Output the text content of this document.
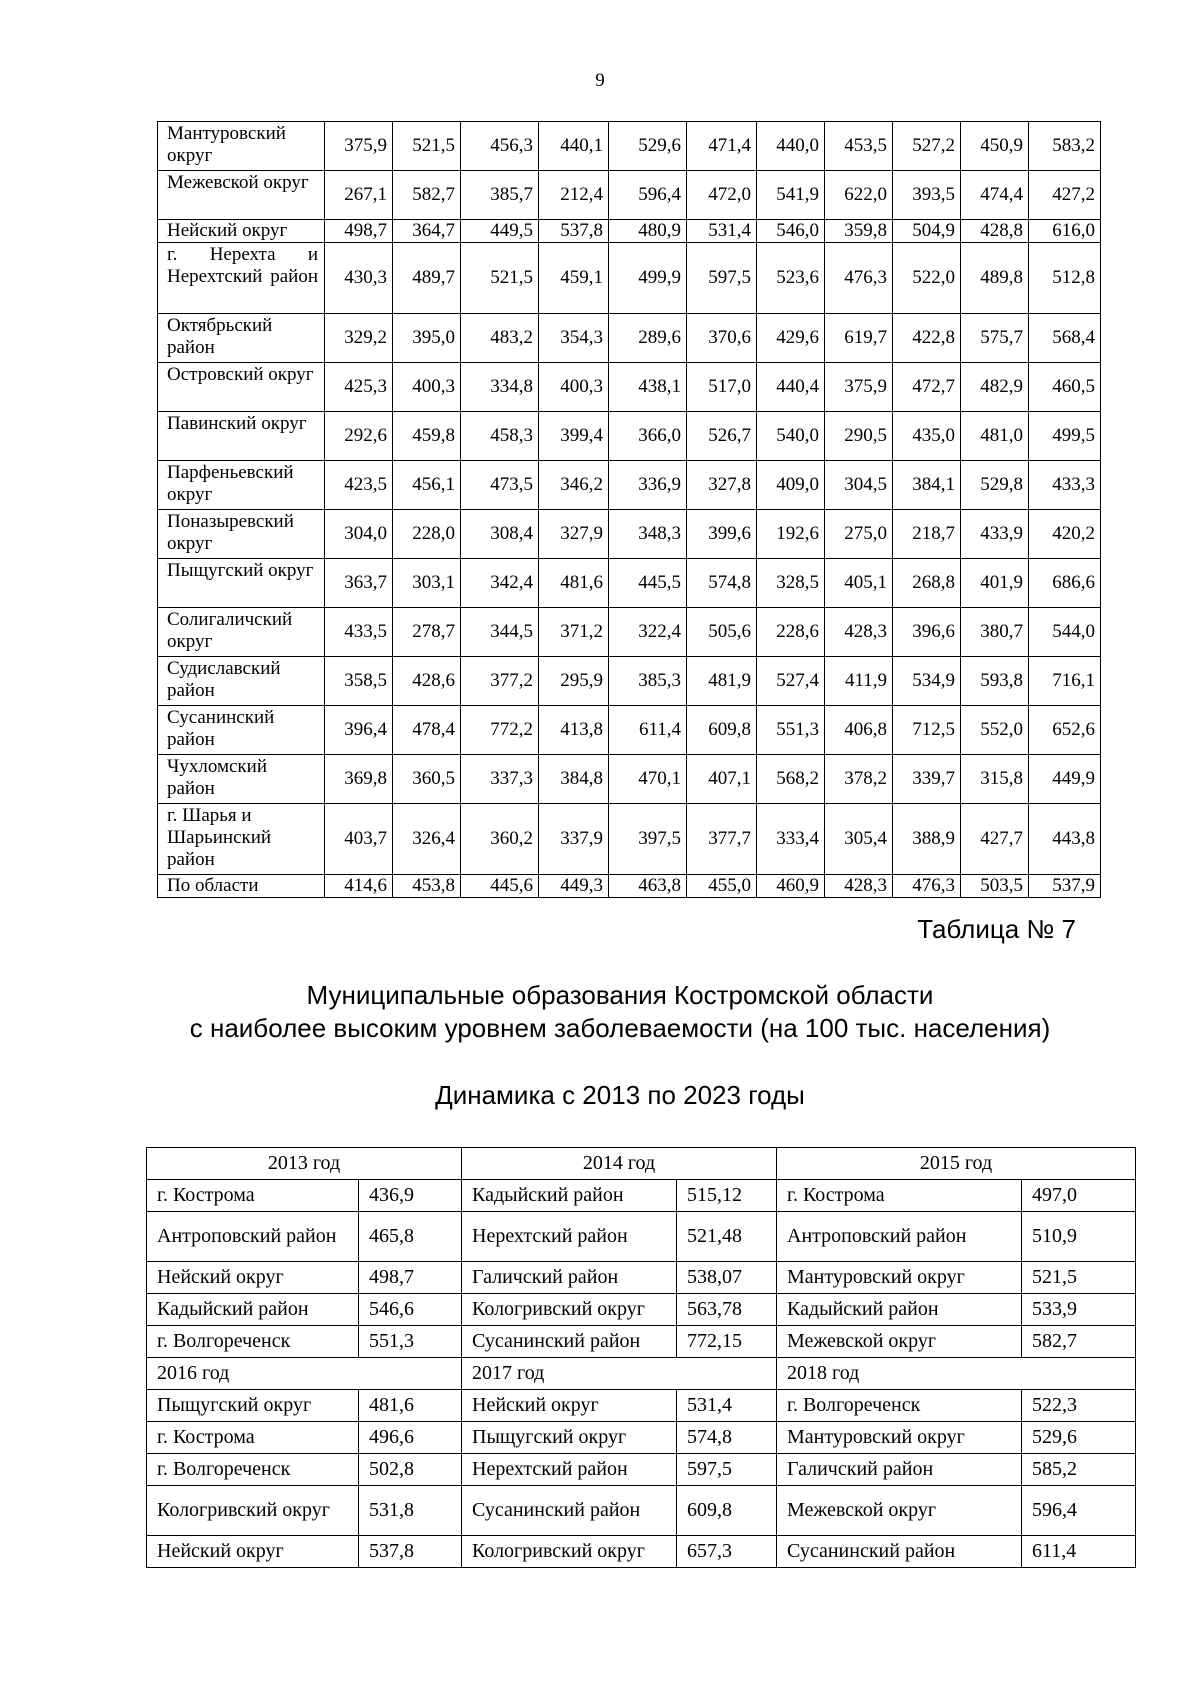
9
Мантуровский округ	375,9	521,5	456,3	440,1	529,6	471,4	440,0	453,5	527,2	450,9	583,2
Межевской округ	267,1	582,7	385,7	212,4	596,4	472,0	541,9	622,0	393,5	474,4	427,2
Нейский округ	498,7	364,7	449,5	537,8	480,9	531,4	546,0	359,8	504,9	428,8	616,0
г. Нерехта и Нерехтский район	430,3	489,7	521,5	459,1	499,9	597,5	523,6	476,3	522,0	489,8	512,8
Октябрьский район	329,2	395,0	483,2	354,3	289,6	370,6	429,6	619,7	422,8	575,7	568,4
Островский округ	425,3	400,3	334,8	400,3	438,1	517,0	440,4	375,9	472,7	482,9	460,5
Павинский округ	292,6	459,8	458,3	399,4	366,0	526,7	540,0	290,5	435,0	481,0	499,5
Парфеньевский округ	423,5	456,1	473,5	346,2	336,9	327,8	409,0	304,5	384,1	529,8	433,3
Поназыревский округ	304,0	228,0	308,4	327,9	348,3	399,6	192,6	275,0	218,7	433,9	420,2
Пыщугский округ	363,7	303,1	342,4	481,6	445,5	574,8	328,5	405,1	268,8	401,9	686,6
Солигаличский округ	433,5	278,7	344,5	371,2	322,4	505,6	228,6	428,3	396,6	380,7	544,0
Судиславский район	358,5	428,6	377,2	295,9	385,3	481,9	527,4	411,9	534,9	593,8	716,1
Сусанинский район	396,4	478,4	772,2	413,8	611,4	609,8	551,3	406,8	712,5	552,0	652,6
Чухломский район	369,8	360,5	337,3	384,8	470,1	407,1	568,2	378,2	339,7	315,8	449,9
г. Шарья и Шарьинский район	403,7	326,4	360,2	337,9	397,5	377,7	333,4	305,4	388,9	427,7	443,8
По области	414,6	453,8	445,6	449,3	463,8	455,0	460,9	428,3	476,3	503,5	537,9
Таблица № 7
Муниципальные образования Костромской области
с наиболее высоким уровнем заболеваемости (на 100 тыс. населения)
Динамика с 2013 по 2023 годы
2013 год		2014 год		2015 год	
г. Кострома	436,9	Кадыйский район	515,12	г. Кострома	497,0
Антроповский район	465,8	Нерехтский район	521,48	Антроповский район	510,9
Нейский округ	498,7	Галичский район	538,07	Мантуровский округ	521,5
Кадыйский район	546,6	Кологривский округ	563,78	Кадыйский район	533,9
г. Волгореченск	551,3	Сусанинский район	772,15	Межевской округ	582,7
2016 год		2017 год		2018 год	
Пыщугский округ	481,6	Нейский округ	531,4	г. Волгореченск	522,3
г. Кострома	496,6	Пыщугский округ	574,8	Мантуровский округ	529,6
г. Волгореченск	502,8	Нерехтский район	597,5	Галичский район	585,2
Кологривский округ	531,8	Сусанинский район	609,8	Межевской округ	596,4
Нейский округ	537,8	Кологривский округ	657,3	Сусанинский район	611,4
